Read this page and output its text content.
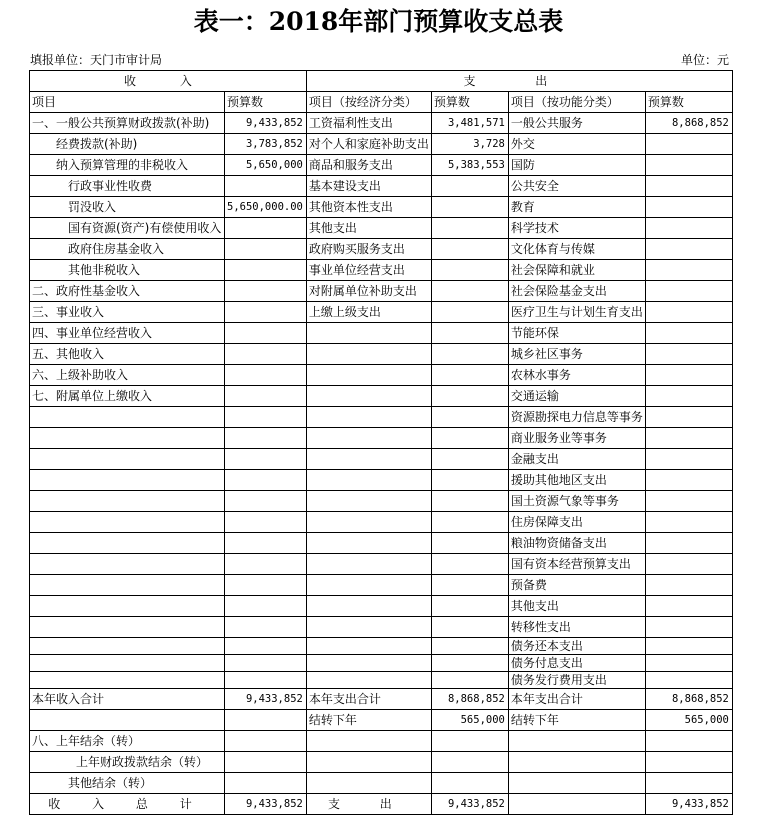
表一：2018年部门预算收支总表
填报单位：天门市审计局	单位：元
收 入		支 出			
项目	预算数	项目（按经济分类）	预算数	项目（按功能分类）	预算数
一、一般公共预算财政拨款(补助)	9,433,852	工资福利性支出	3,481,571	一般公共服务	8,868,852
经费拨款(补助)	3,783,852	对个人和家庭补助支出	3,728	外交	
纳入预算管理的非税收入	5,650,000	商品和服务支出	5,383,553	国防	
行政事业性收费		基本建设支出		公共安全	
罚没收入	5,650,000.00	其他资本性支出		教育	
国有资源(资产)有偿使用收入		其他支出		科学技术	
政府住房基金收入		政府购买服务支出		文化体育与传媒	
其他非税收入		事业单位经营支出		社会保障和就业	
二、政府性基金收入		对附属单位补助支出		社会保险基金支出	
三、事业收入		上缴上级支出		医疗卫生与计划生育支出	
四、事业单位经营收入				节能环保	
五、其他收入				城乡社区事务	
六、上级补助收入				农林水事务	
七、附属单位上缴收入				交通运输	
				资源勘探电力信息等事务	
				商业服务业等事务	
				金融支出	
				援助其他地区支出	
				国土资源气象等事务	
				住房保障支出	
				粮油物资储备支出	
				国有资本经营预算支出	
				预备费	
				其他支出	
				转移性支出	
				债务还本支出	
				债务付息支出	
				债务发行费用支出	
本年收入合计	9,433,852	本年支出合计	8,868,852	本年支出合计	8,868,852
		结转下年	565,000	结转下年	565,000
八、上年结余（转）					
上年财政拨款结余（转）					
其他结余（转）					
收 入 总 计	9,433,852	支 出	9,433,852		9,433,852
